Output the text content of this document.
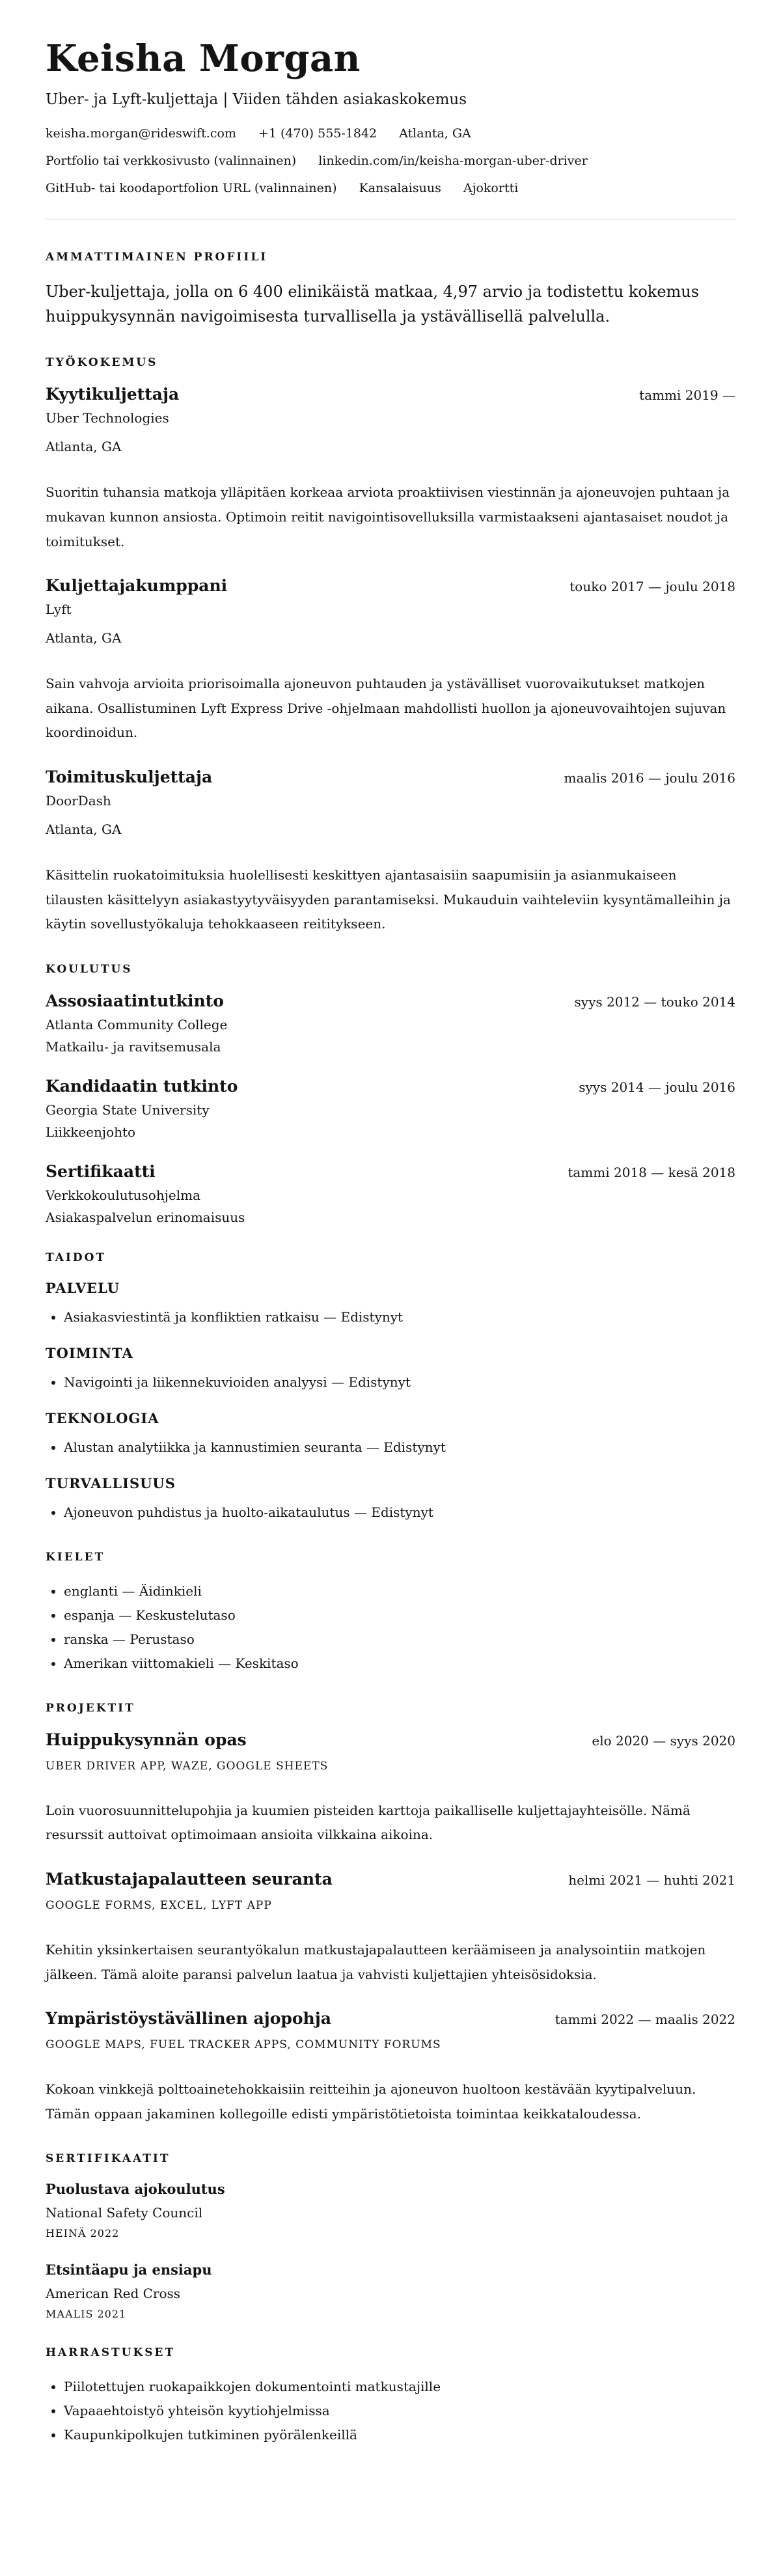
Keisha Morgan
Uber- ja Lyft-kuljettaja | Viiden tähden asiakaskokemus
keisha.morgan@rideswift.com +1 (470) 555-1842 Atlanta, GA
Portfolio tai verkkosivusto (valinnainen) linkedin.com/in/keisha-morgan-uber-driver
GitHub- tai koodaportfolion URL (valinnainen) Kansalaisuus Ajokortti
AMMATTIMAINEN PROFIILI
Uber-kuljettaja, jolla on 6 400 elinikäistä matkaa, 4,97 arvio ja todistettu kokemus huippukysynnän navigoimisesta turvallisella ja ystävällisellä palvelulla.
TYÖKOKEMUS
Kyytikuljettaja	tammi 2019 —
Uber Technologies
Atlanta, GA
Suoritin tuhansia matkoja ylläpitäen korkeaa arviota proaktiivisen viestinnän ja ajoneuvojen puhtaan ja mukavan kunnon ansiosta. Optimoin reitit navigointisovelluksilla varmistaakseni ajantasaiset noudot ja toimitukset.
Kuljettajakumppani	touko 2017 — joulu 2018
Lyft
Atlanta, GA
Sain vahvoja arvioita priorisoimalla ajoneuvon puhtauden ja ystävälliset vuorovaikutukset matkojen aikana. Osallistuminen Lyft Express Drive -ohjelmaan mahdollisti huollon ja ajoneuvovaihtojen sujuvan koordinoidun.
Toimituskuljettaja	maalis 2016 — joulu 2016
DoorDash
Atlanta, GA
Käsittelin ruokatoimituksia huolellisesti keskittyen ajantasaisiin saapumisiin ja asianmukaiseen tilausten käsittelyyn asiakastyytyväisyyden parantamiseksi. Mukauduin vaihteleviin kysyntämalleihin ja käytin sovellustyökaluja tehokkaaseen reititykseen.
KOULUTUS
Assosiaatintutkinto	syys 2012 — touko 2014
Atlanta Community College
Matkailu- ja ravitsemusala
Kandidaatin tutkinto	syys 2014 — joulu 2016
Georgia State University
Liikkeenjohto
Sertifikaatti	tammi 2018 — kesä 2018
Verkkokoulutusohjelma
Asiakaspalvelun erinomaisuus
TAIDOT
PALVELU
• Asiakasviestintä ja konfliktien ratkaisu — Edistynyt
TOIMINTA
• Navigointi ja liikennekuvioiden analyysi — Edistynyt
TEKNOLOGIA
• Alustan analytiikka ja kannustimien seuranta — Edistynyt
TURVALLISUUS
• Ajoneuvon puhdistus ja huolto-aikataulutus — Edistynyt
KIELET
• englanti — Äidinkieli
• espanja — Keskustelutaso
• ranska — Perustaso
• Amerikan viittomakieli — Keskitaso
PROJEKTIT
Huippukysynnän opas	elo 2020 — syys 2020
UBER DRIVER APP, WAZE, GOOGLE SHEETS
Loin vuorosuunnittelupohjia ja kuumien pisteiden karttoja paikalliselle kuljettajayhteisölle. Nämä resurssit auttoivat optimoimaan ansioita vilkkaina aikoina.
Matkustajapalautteen seuranta	helmi 2021 — huhti 2021
GOOGLE FORMS, EXCEL, LYFT APP
Kehitin yksinkertaisen seurantyökalun matkustajapalautteen keräämiseen ja analysointiin matkojen jälkeen. Tämä aloite paransi palvelun laatua ja vahvisti kuljettajien yhteisösidoksia.
Ympäristöystävällinen ajopohja	tammi 2022 — maalis 2022
GOOGLE MAPS, FUEL TRACKER APPS, COMMUNITY FORUMS
Kokoan vinkkejä polttoainetehokkaisiin reitteihin ja ajoneuvon huoltoon kestävään kyytipalveluun. Tämän oppaan jakaminen kollegoille edisti ympäristötietoista toimintaa keikkataloudessa.
SERTIFIKAATIT
Puolustava ajokoulutus
National Safety Council
HEINÄ 2022
Etsintäapu ja ensiapu
American Red Cross
MAALIS 2021
HARRASTUKSET
• Piilotettujen ruokapaikkojen dokumentointi matkustajille
• Vapaaehtoistyö yhteisön kyytiohjelmissa
• Kaupunkipolkujen tutkiminen pyörälenkeillä
